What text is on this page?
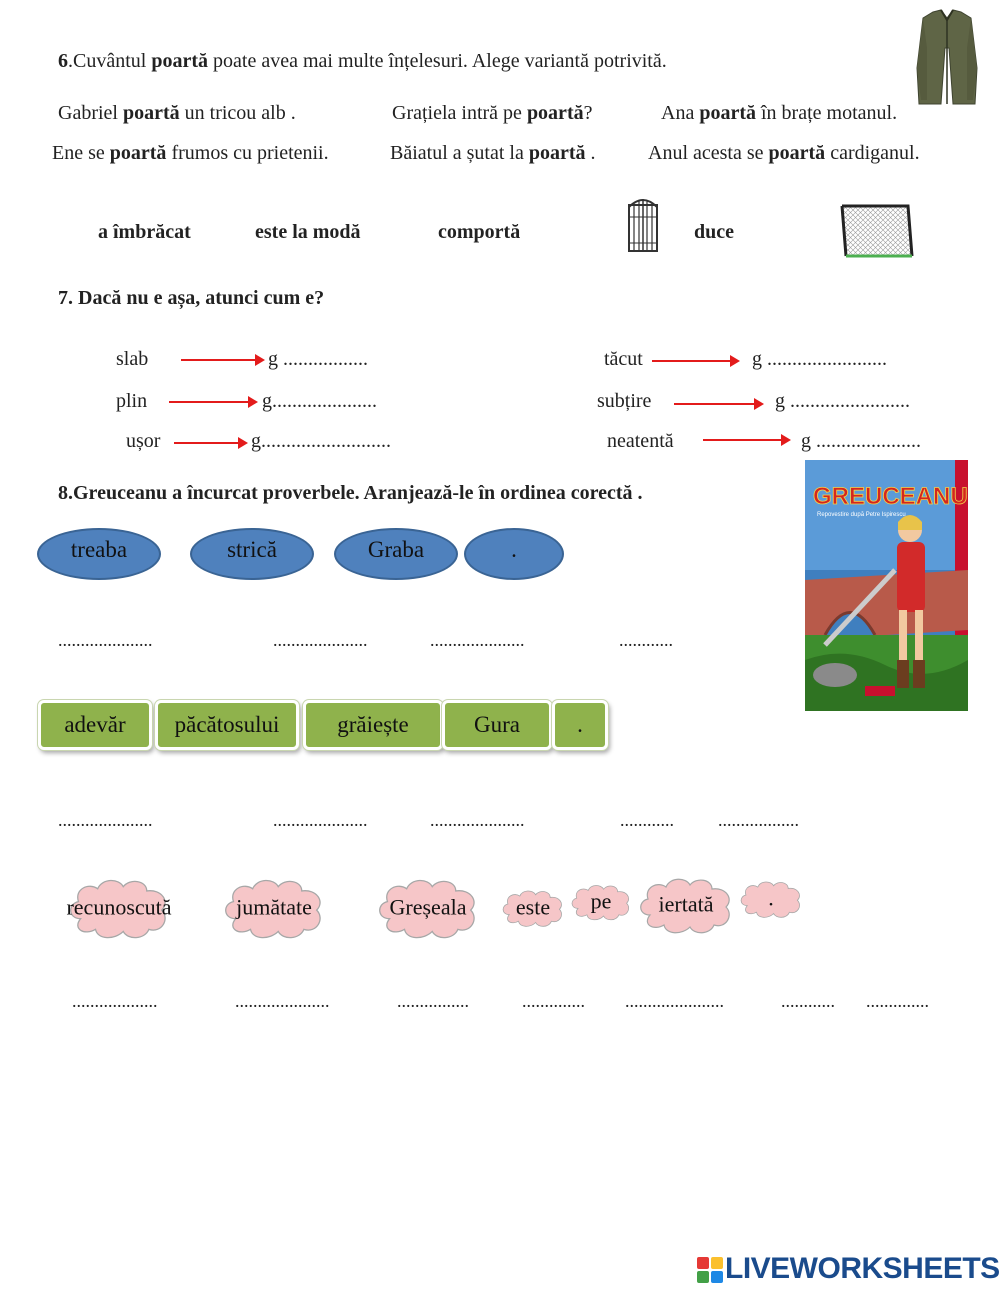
6.Cuvântul poartă poate avea mai multe înțelesuri. Alege variantă potrivită.
Gabriel poartă un tricou alb .	Grațiela intră pe poartă?	Ana poartă în brațe motanul.
Ene se poartă frumos cu prietenii.	Băiatul a șutat la poartă .	Anul acesta se poartă cardiganul.
a îmbrăcat	este la modă	comportă	duce
7. Dacă nu e așa, atunci cum e?
slab	g .................
plin	g.....................
ușor	g..........................
tăcut	g ........................
subțire	g ........................
neatentă	g .....................
8.Greuceanu a încurcat proverbele. Aranjează-le în ordinea corectă .	GREUCEANU
Repovestire după Petre Ispirescu
treaba	strică	Graba	.
.....................	.....................	.....................	............
adevăr	păcătosului	grăiește	Gura	.
.....................	.....................	.....................	............ ..................
recunoscută	jumătate	Greșeala	este	pe	iertată	.
...................	.....................	................	.............. ......................	............ ..............
LIVEWORKSHEETS
